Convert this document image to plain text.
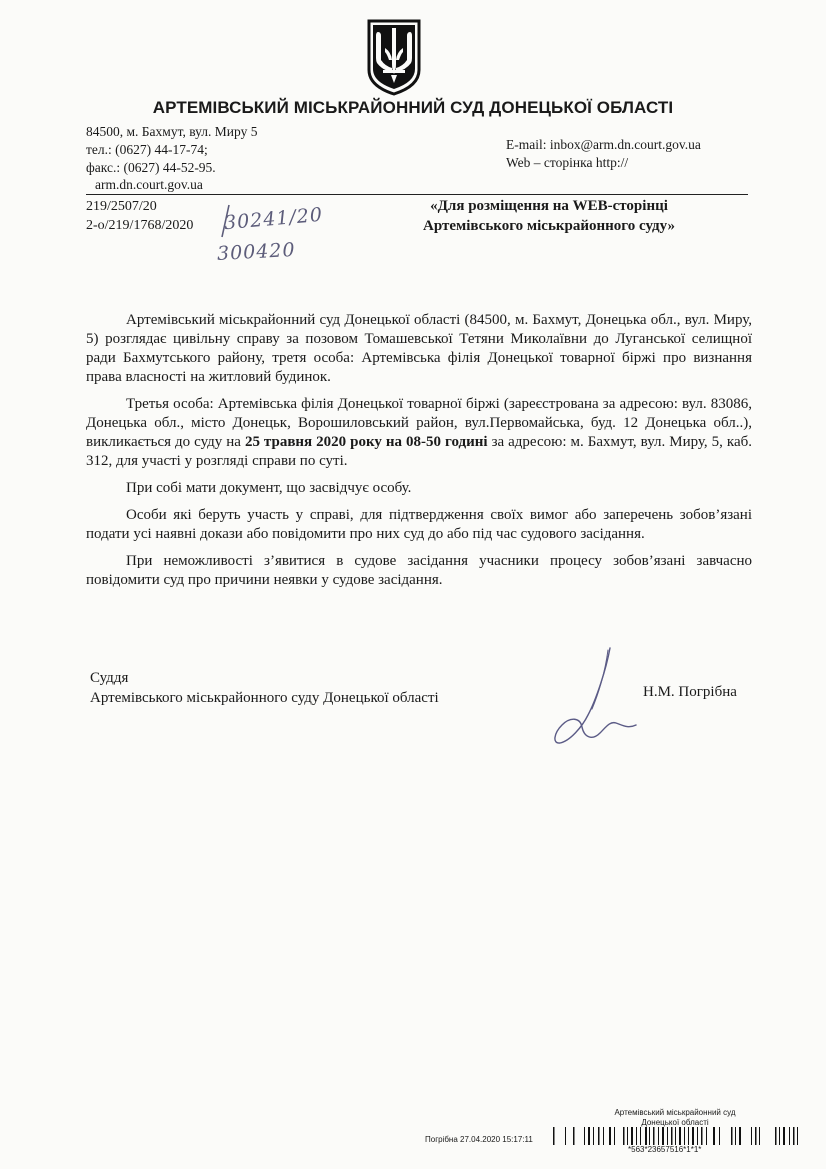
АРТЕМІВСЬКИЙ МІСЬКРАЙОННИЙ СУД ДОНЕЦЬКОЇ ОБЛАСТІ
84500, м. Бахмут, вул. Миру 5
тел.: (0627) 44-17-74;
факс.: (0627) 44-52-95.
E-mail: inbox@arm.dn.court.gov.ua
Web – сторінка http://
arm.dn.court.gov.ua
219/2507/20
2-о/219/1768/2020 30241/20
300420
«Для розміщення на WEB-сторінці
Артемівського міськрайонного суду»

Артемівський міськрайонний суд Донецької області (84500, м. Бахмут, Донецька обл., вул. Миру, 5) розглядає цивільну справу за позовом Томашевської Тетяни Миколаївни до Луганської селищної ради Бахмутського району, третя особа: Артемівська філія Донецької товарної біржі про визнання права власності на житловий будинок.

Третья особа: Артемівська філія Донецької товарної біржі (зареєстрована за адресою: вул. 83086, Донецька обл., місто Донецьк, Ворошиловський район, вул.Первомайська, буд. 12 Донецька обл..), викликається до суду на 25 травня 2020 року на 08-50 годині за адресою: м. Бахмут, вул. Миру, 5, каб. 312, для участі у розгляді справи по суті.

При собі мати документ, що засвідчує особу.

Особи які беруть участь у справі, для підтвердження своїх вимог або заперечень зобов’язані подати усі наявні докази або повідомити про них суд до або під час судового засідання.

При неможливості з’явитися в судове засідання учасники процесу зобов’язані завчасно повідомити суд про причини неявки у судове засідання.

Суддя
Артемівського міськрайонного суду Донецької області	Н.М. Погрібна
Артемівський міськрайонний суд
Донецької області
Погрібна 27.04.2020 15:17:11
*563*23657516*1*1*
